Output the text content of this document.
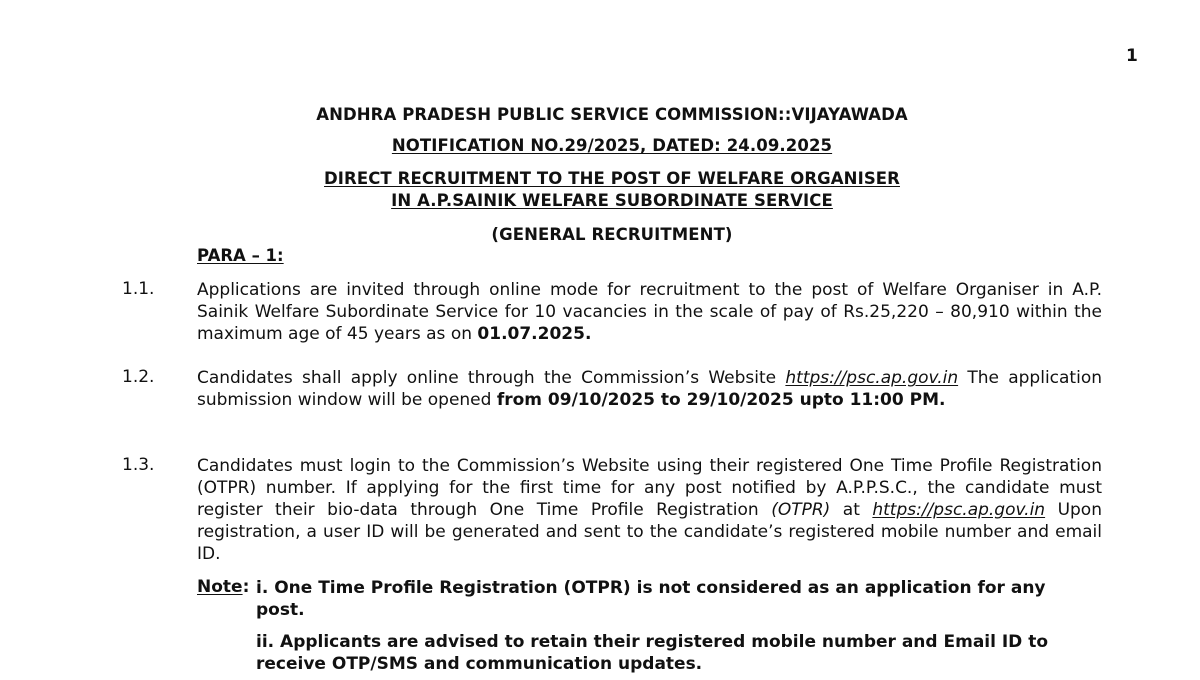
1
ANDHRA PRADESH PUBLIC SERVICE COMMISSION::VIJAYAWADA
NOTIFICATION NO.29/2025, DATED: 24.09.2025
DIRECT RECRUITMENT TO THE POST OF WELFARE ORGANISER
IN A.P.SAINIK WELFARE SUBORDINATE SERVICE
(GENERAL RECRUITMENT)
PARA – 1:
1.1.	Applications are invited through online mode for recruitment to the post of Welfare Organiser in A.P. Sainik Welfare Subordinate Service for 10 vacancies in the scale of pay of Rs.25,220 – 80,910 within the maximum age of 45 years as on 01.07.2025.
1.2.	Candidates shall apply online through the Commission’s Website https://psc.ap.gov.in The application submission window will be opened from 09/10/2025 to 29/10/2025 upto 11:00 PM.
1.3.	Candidates must login to the Commission’s Website using their registered One Time Profile Registration (OTPR) number. If applying for the first time for any post notified by A.P.P.S.C., the candidate must register their bio-data through One Time Profile Registration (OTPR) at https://psc.ap.gov.in Upon registration, a user ID will be generated and sent to the candidate’s registered mobile number and email ID.
Note: i. One Time Profile Registration (OTPR) is not considered as an application for any post.
ii. Applicants are advised to retain their registered mobile number and Email ID to receive OTP/SMS and communication updates.
